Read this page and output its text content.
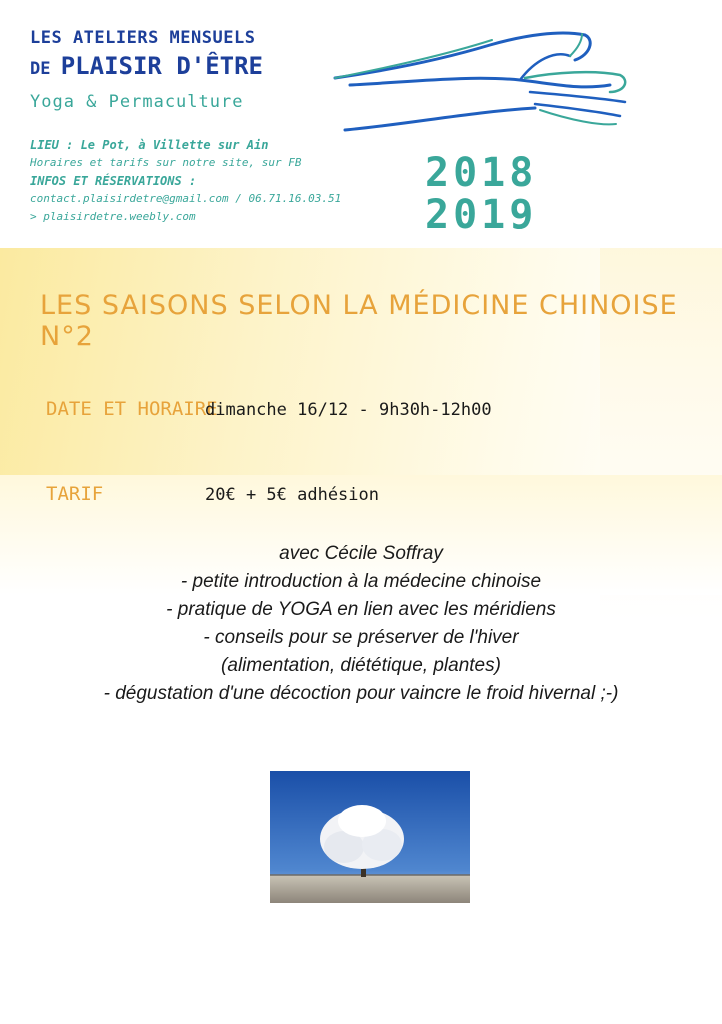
LES ATELIERS MENSUELS
DE PLAISIR D'ÊTRE
Yoga & Permaculture
LIEU : Le Pot, à Villette sur Ain
Horaires et tarifs sur notre site, sur FB
INFOS ET RÉSERVATIONS :
contact.plaisirdetre@gmail.com / 06.71.16.03.51
> plaisirdetre.weebly.com
2018
2019
LES SAISONS SELON LA MÉDICINE CHINOISE N°2
DATE ET HORAIRE
dimanche 16/12 - 9h30h-12h00
TARIF	20€ + 5€ adhésion
avec Cécile Soffray
- petite introduction à la médecine chinoise
- pratique de YOGA en lien avec les méridiens
- conseils pour se préserver de l'hiver
(alimentation, diététique, plantes)
- dégustation d'une décoction pour vaincre le froid hivernal ;-)
